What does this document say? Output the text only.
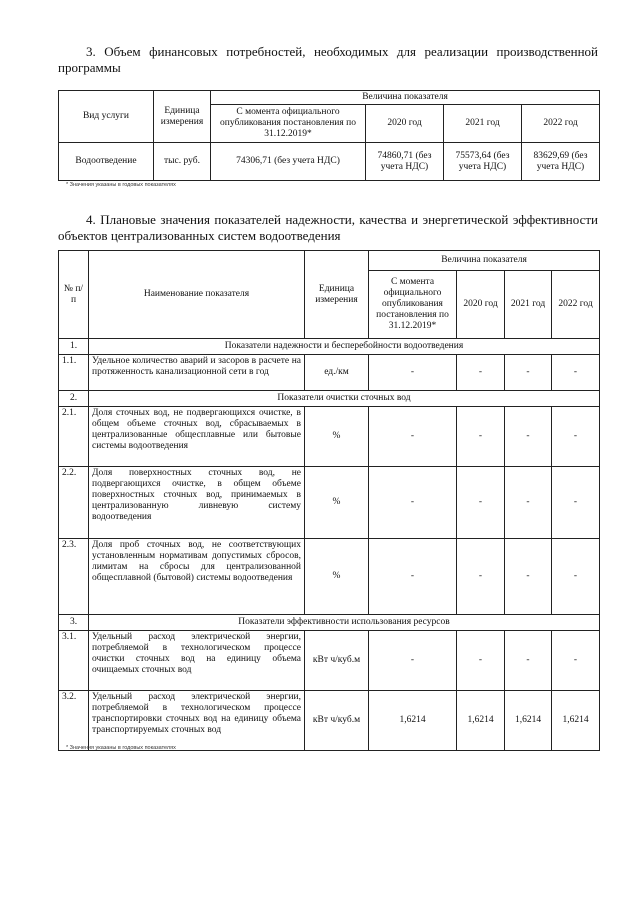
3. Объем финансовых потребностей, необходимых для реализации производственной программы
Вид услуги	Единица измерения	Величина показателя			
		С момента официального опубликования постановления по 31.12.2019*	2020 год	2021 год	2022 год
Водоотведение	тыс. руб.	74306,71 (без учета НДС)	74860,71 (без учета НДС)	75573,64 (без учета НДС)	83629,69 (без учета НДС)
* Значения указаны в годовых показателях
4. Плановые значения показателей надежности, качества и энергетической эффективности объектов централизованных систем водоотведения
№ п/п	Наименование показателя	Единица измерения	Величина показателя			
			С момента официального опубликования постановления по 31.12.2019*	2020 год	2021 год	2022 год
1.	Показатели надежности и бесперебойности водоотведения					
1.1.	Удельное количество аварий и засоров в расчете на протяженность канализационной сети в год	ед./км	-	-	-	-
2.	Показатели очистки сточных вод					
2.1.	Доля сточных вод, не подвергающихся очистке, в общем объеме сточных вод, сбрасываемых в централизованные общесплавные или бытовые системы водоотведения	%	-	-	-	-
2.2.	Доля поверхностных сточных вод, не подвергающихся очистке, в общем объеме поверхностных сточных вод, принимаемых в централизованную ливневую систему водоотведения	%	-	-	-	-
2.3.	Доля проб сточных вод, не соответствующих установленным нормативам допустимых сбросов, лимитам на сбросы для централизованной общесплавной (бытовой) системы водоотведения	%	-	-	-	-
3.	Показатели эффективности использования ресурсов					
3.1.	Удельный расход электрической энергии, потребляемой в технологическом процессе очистки сточных вод на единицу объема очищаемых сточных вод	кВт ч/куб.м	-	-	-	-
3.2.	Удельный расход электрической энергии, потребляемой в технологическом процессе транспортировки сточных вод на единицу объема транспортируемых сточных вод	кВт ч/куб.м	1,6214	1,6214	1,6214	1,6214
* Значения указаны в годовых показателях
